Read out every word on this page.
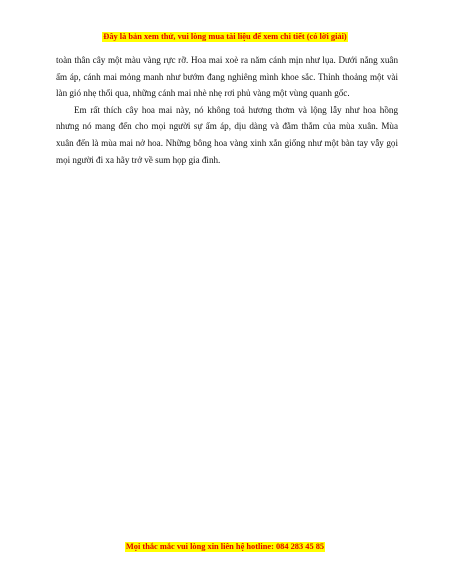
Đây là bản xem thử, vui lòng mua tài liệu để xem chi tiết (có lời giải)

toàn thân cây một màu vàng rực rỡ. Hoa mai xoè ra năm cánh mịn như lụa. Dưới nắng xuân ấm áp, cánh mai mỏng manh như bướm đang nghiêng mình khoe sắc. Thỉnh thoảng một vài làn gió nhẹ thổi qua, những cánh mai nhè nhẹ rơi phủ vàng một vùng quanh gốc.

Em rất thích cây hoa mai này, nó không toả hương thơm và lộng lẫy như hoa hồng nhưng nó mang đến cho mọi người sự ấm áp, dịu dàng và đằm thắm của mùa xuân. Mùa xuân đến là mùa mai nở hoa. Những bông hoa vàng xinh xắn giống như một bàn tay vẫy gọi mọi người đi xa hãy trở về sum họp gia đình.

Mọi thắc mắc vui lòng xin liên hệ hotline: 084 283 45 85
